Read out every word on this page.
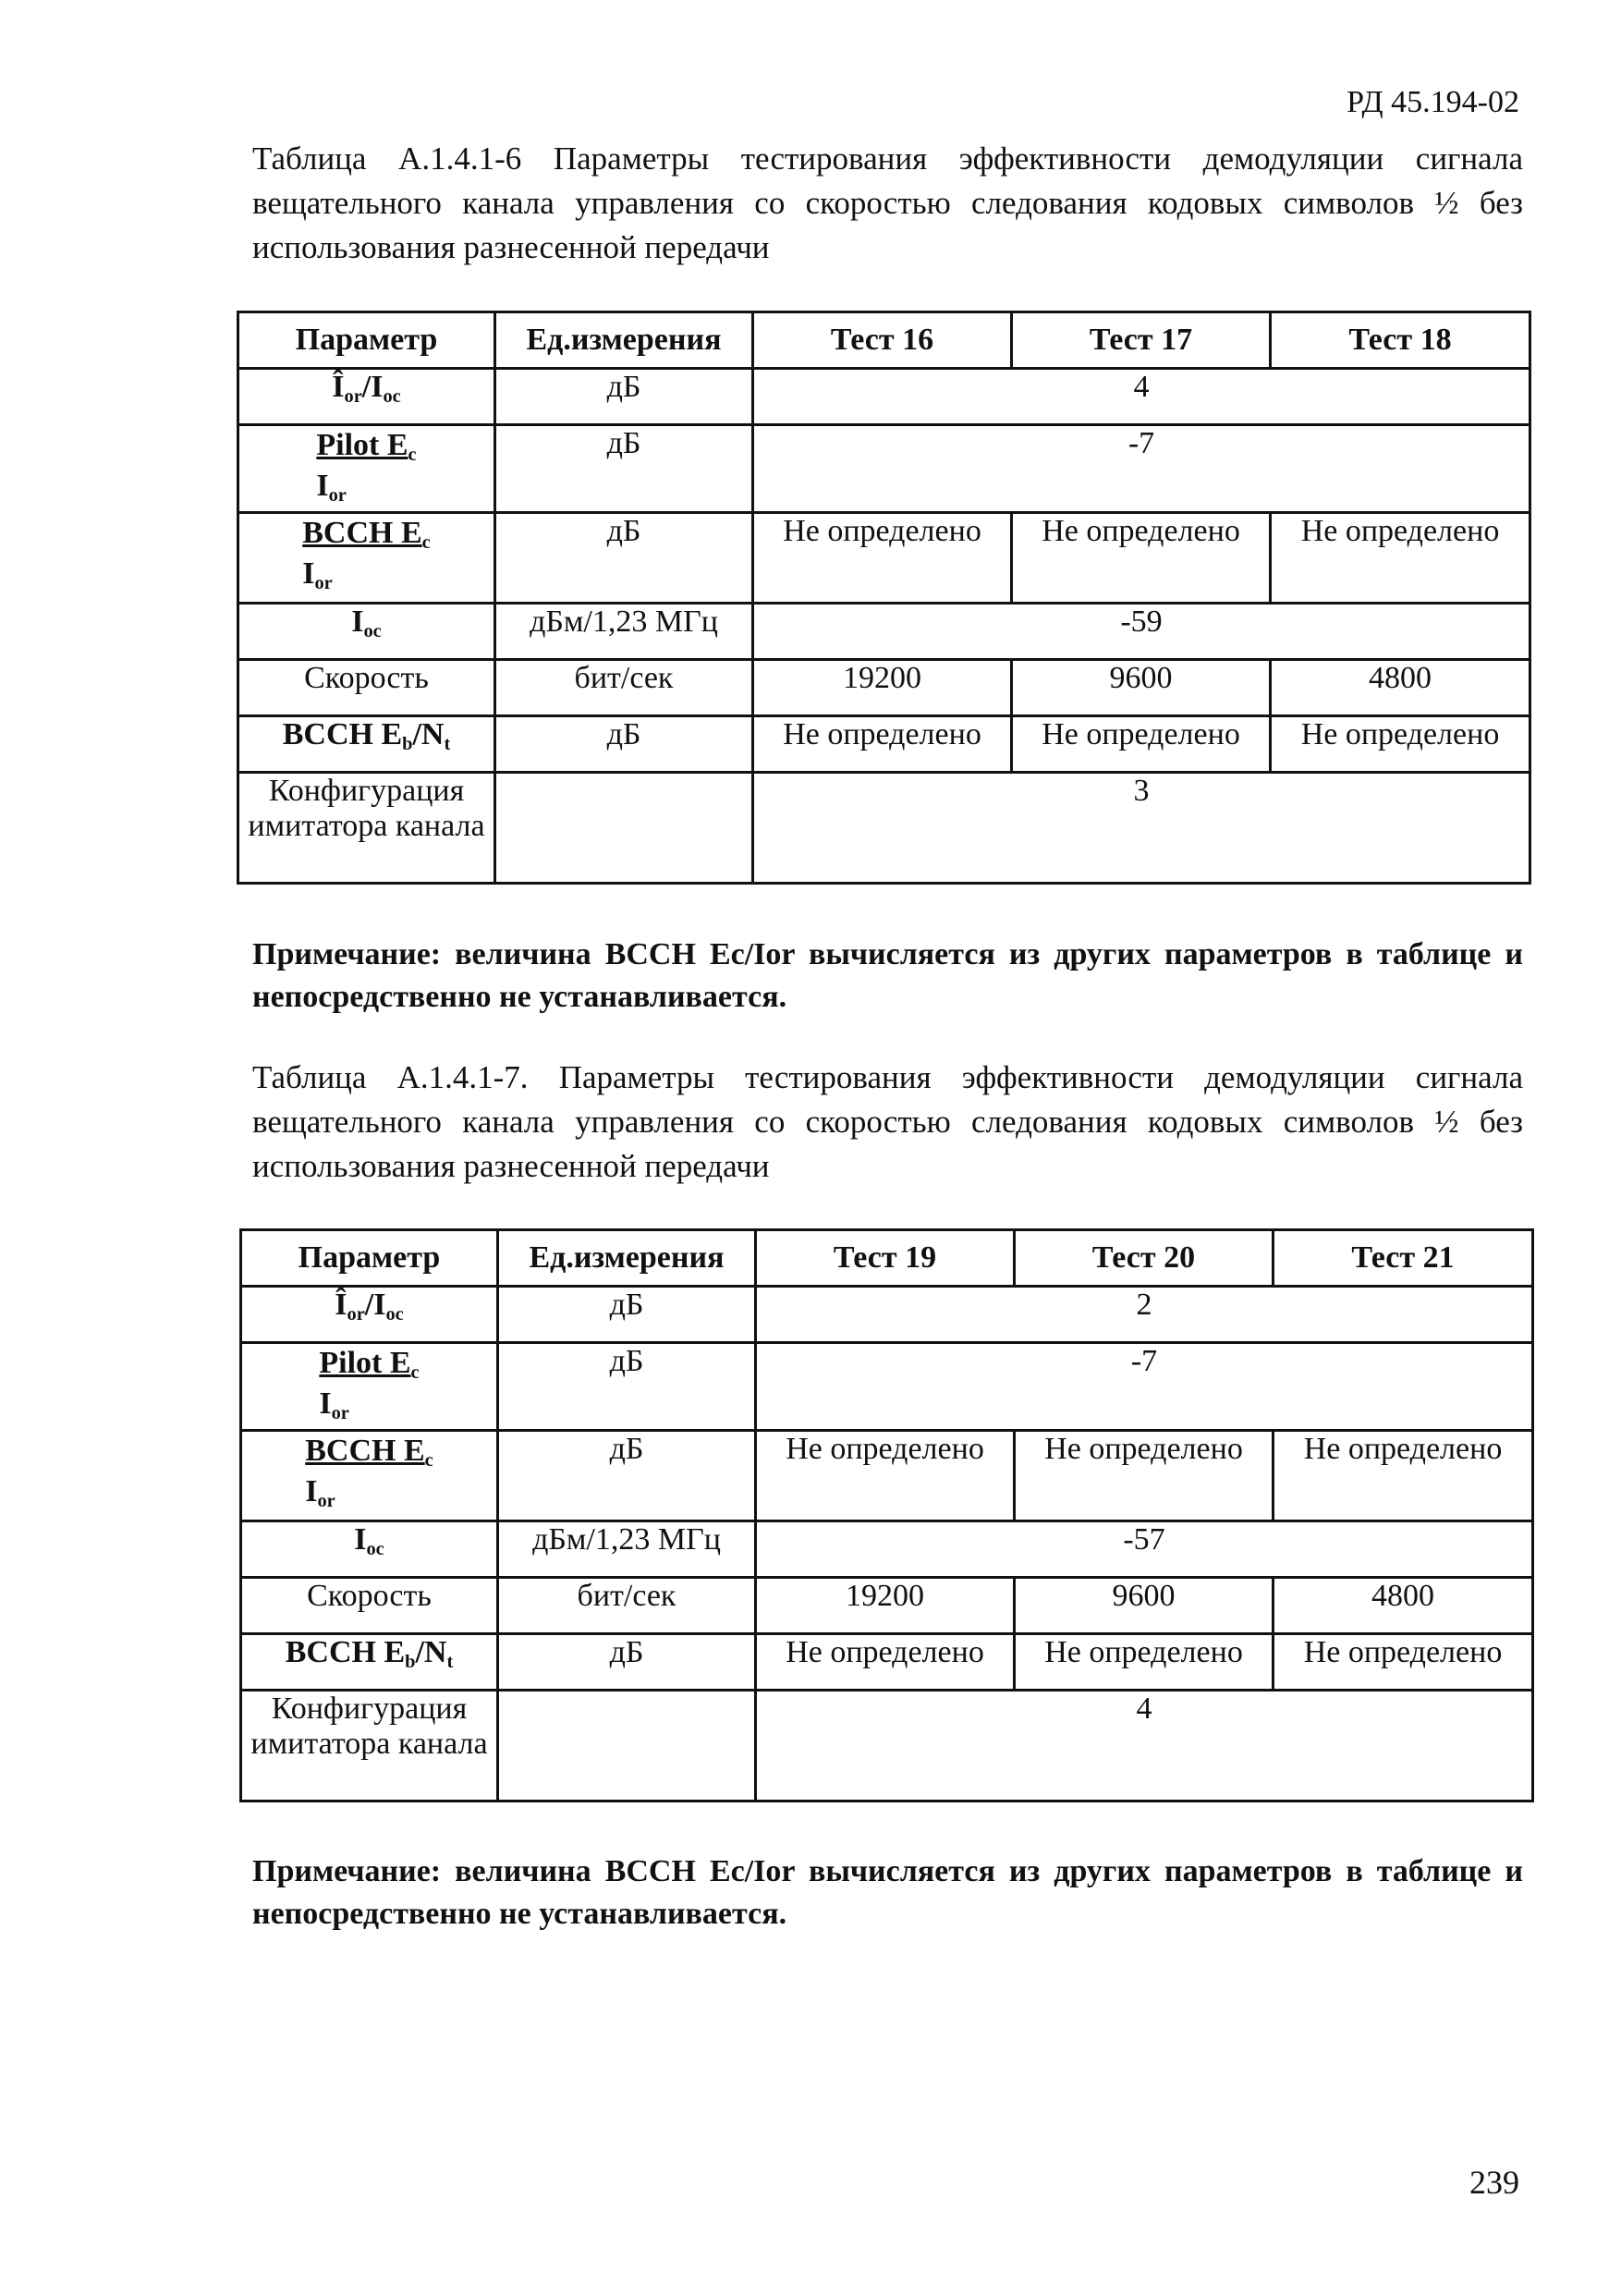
РД 45.194-02
Таблица А.1.4.1-6 Параметры тестирования эффективности демодуляции сигнала вещательного канала управления со скоростью следования кодовых символов ½ без использования разнесенной передачи
Параметр	Ед.измерения	Тест 16	Тест 17	Тест 18
$Î_{or}/I_{oc}$	дБ	4		

Pilot $E_c$
$I_{or}$	дБ	-7		

BCCH $E_c$
$I_{or}$	дБ	Не определено	Не определено	Не определено
$I_{oc}$	дБм/1,23 МГц	-59		
Скорость	бит/сек	19200	9600	4800
BCCH $E_b/N_t$	дБ	Не определено	Не определено	Не определено
Конфигурация имитатора канала		3		
Примечание: величина BCCH Ec/Ior вычисляется из других параметров в таблице и непосредственно не устанавливается.
Таблица А.1.4.1-7. Параметры тестирования эффективности демодуляции сигнала вещательного канала управления со скоростью следования кодовых символов ½ без использования разнесенной передачи
Параметр	Ед.измерения	Тест 19	Тест 20	Тест 21
$Î_{or}/I_{oc}$	дБ	2		

Pilot $E_c$
$I_{or}$	дБ	-7		

BCCH $E_c$
$I_{or}$	дБ	Не определено	Не определено	Не определено
$I_{oc}$	дБм/1,23 МГц	-57		
Скорость	бит/сек	19200	9600	4800
BCCH $E_b/N_t$	дБ	Не определено	Не определено	Не определено
Конфигурация имитатора канала		4		
Примечание: величина BCCH Ec/Ior вычисляется из других параметров в таблице и непосредственно не устанавливается.
239
